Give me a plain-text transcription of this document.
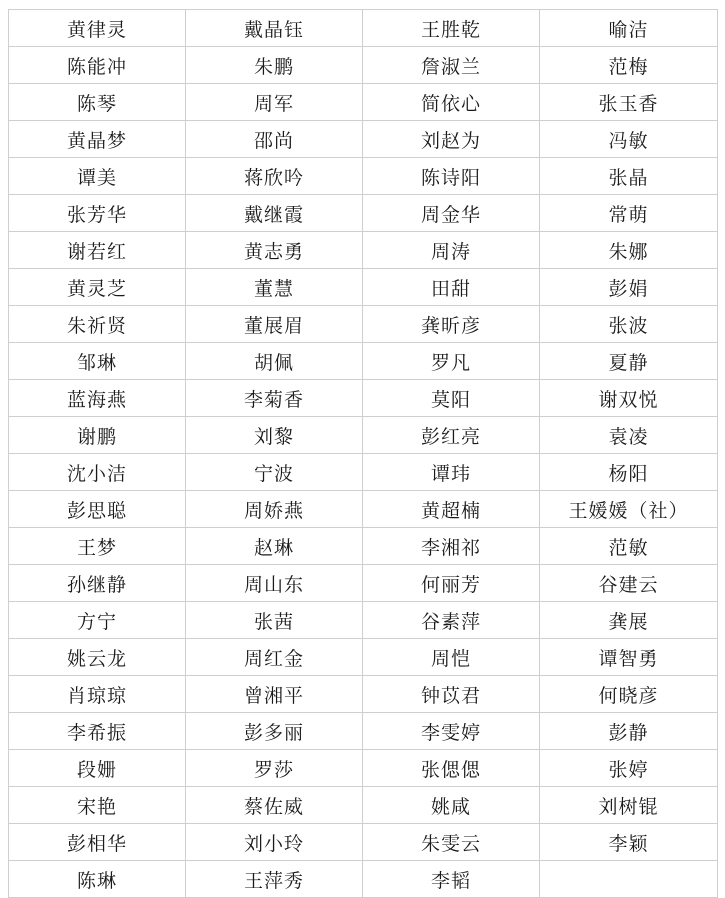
黄律灵	戴晶钰	王胜乾	喻洁
陈能冲	朱鹏	詹淑兰	范梅
陈琴	周军	简依心	张玉香
黄晶梦	邵尚	刘赵为	冯敏
谭美	蒋欣吟	陈诗阳	张晶
张芳华	戴继霞	周金华	常萌
谢若红	黄志勇	周涛	朱娜
黄灵芝	董慧	田甜	彭娟
朱祈贤	董展眉	龚昕彦	张波
邹琳	胡佩	罗凡	夏静
蓝海燕	李菊香	莫阳	谢双悦
谢鹏	刘黎	彭红亮	袁凌
沈小洁	宁波	谭玮	杨阳
彭思聪	周娇燕	黄超楠	王媛媛（社）
王梦	赵琳	李湘祁	范敏
孙继静	周山东	何丽芳	谷建云
方宁	张茜	谷素萍	龚展
姚云龙	周红金	周恺	谭智勇
肖琼琼	曾湘平	钟苡君	何晓彦
李希振	彭多丽	李雯婷	彭静
段姗	罗莎	张偲偲	张婷
宋艳	蔡佐威	姚咸	刘树锟
彭相华	刘小玲	朱雯云	李颖
陈琳	王萍秀	李韬	
